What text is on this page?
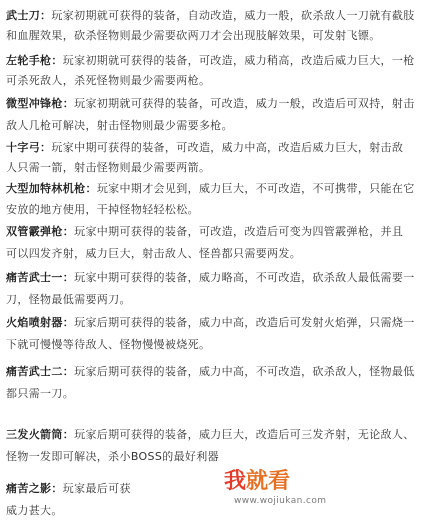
武士刀：玩家初期就可获得的装备，自动改造，威力一般，砍杀敌人一刀就有截肢
和血腥效果，砍杀怪物则最少需要砍两刀才会出现肢解效果，可发射飞镖。
左轮手枪：玩家初期就可获得的装备，可改造，威力稍高，改造后威力巨大，一枪
可杀死敌人，杀死怪物则最少需要两枪。
微型冲锋枪：玩家初期就可获得的装备，可改造，威力一般，改造后可双持，射击
敌人几枪可解决，射击怪物则最少需要多枪。
十字弓：玩家中期可获得的装备，可改造，威力中高，改造后威力巨大，射击敌
人只需一箭，射击怪物则最少需要两箭。
大型加特林机枪：玩家中期才会见到，威力巨大，不可改造，不可携带，只能在它
安放的地方使用，干掉怪物轻轻松松。
双管霰弹枪：玩家中期可获得的装备，可改造，改造后可变为四管霰弹枪，并且
可以四发齐射，威力巨大，射击敌人、怪兽都只需要两发。
痛苦武士一：玩家中期可获得的装备，威力略高，不可改造，砍杀敌人最低需要一
刀，怪物最低需要两刀。
火焰喷射器：玩家后期可获得的装备，威力中高，改造后可发射火焰弹，只需烧一
下就可慢慢等待敌人、怪物慢慢被烧死。
痛苦武士二：玩家后期可获得的装备，威力中高，不可改造，砍杀敌人，怪物最低
都只需一刀。
三发火箭筒：玩家后期可获得的装备，威力巨大，改造后可三发齐射，无论敌人、
怪物一发即可解决，杀小BOSS的最好利器
痛苦之影：玩家最后可获
威力甚大。
我就看
www.wojiukan.com
